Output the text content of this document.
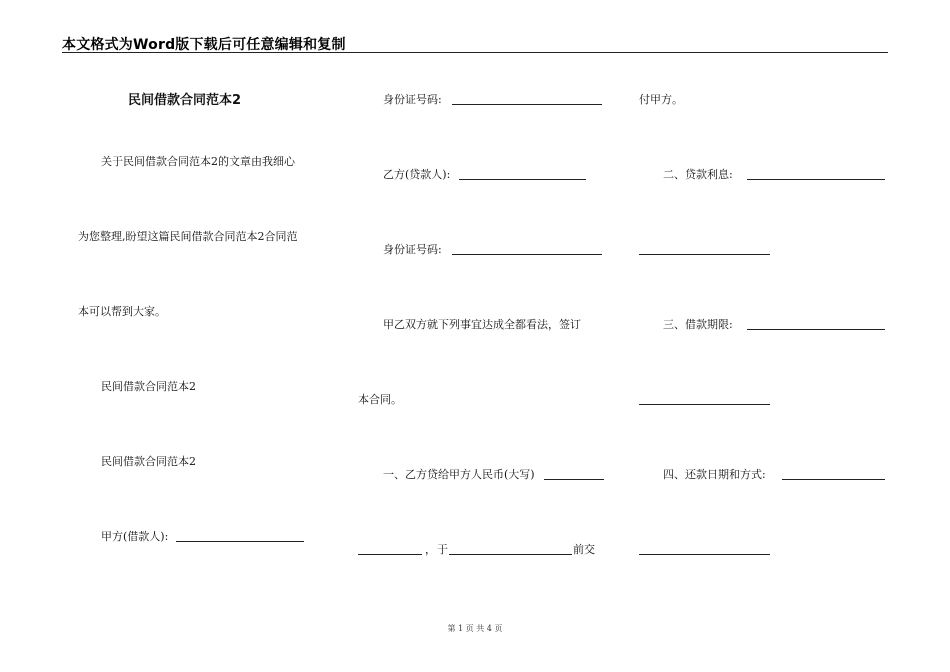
本文格式为Word版下载后可任意编辑和复制
民间借款合同范本2
关于民间借款合同范本2的文章由我细心
为您整理,盼望这篇民间借款合同范本2合同范
本可以帮到大家。
民间借款合同范本2
民间借款合同范本2
甲方(借款人):
身份证号码:
乙方(贷款人):
身份证号码:
甲乙双方就下列事宜达成全都看法，签订
本合同。
一、乙方贷给甲方人民币(大写)
， 于	前交
付甲方。
二、贷款利息:
三、借款期限:
四、还款日期和方式:
第 1 页 共 4 页
